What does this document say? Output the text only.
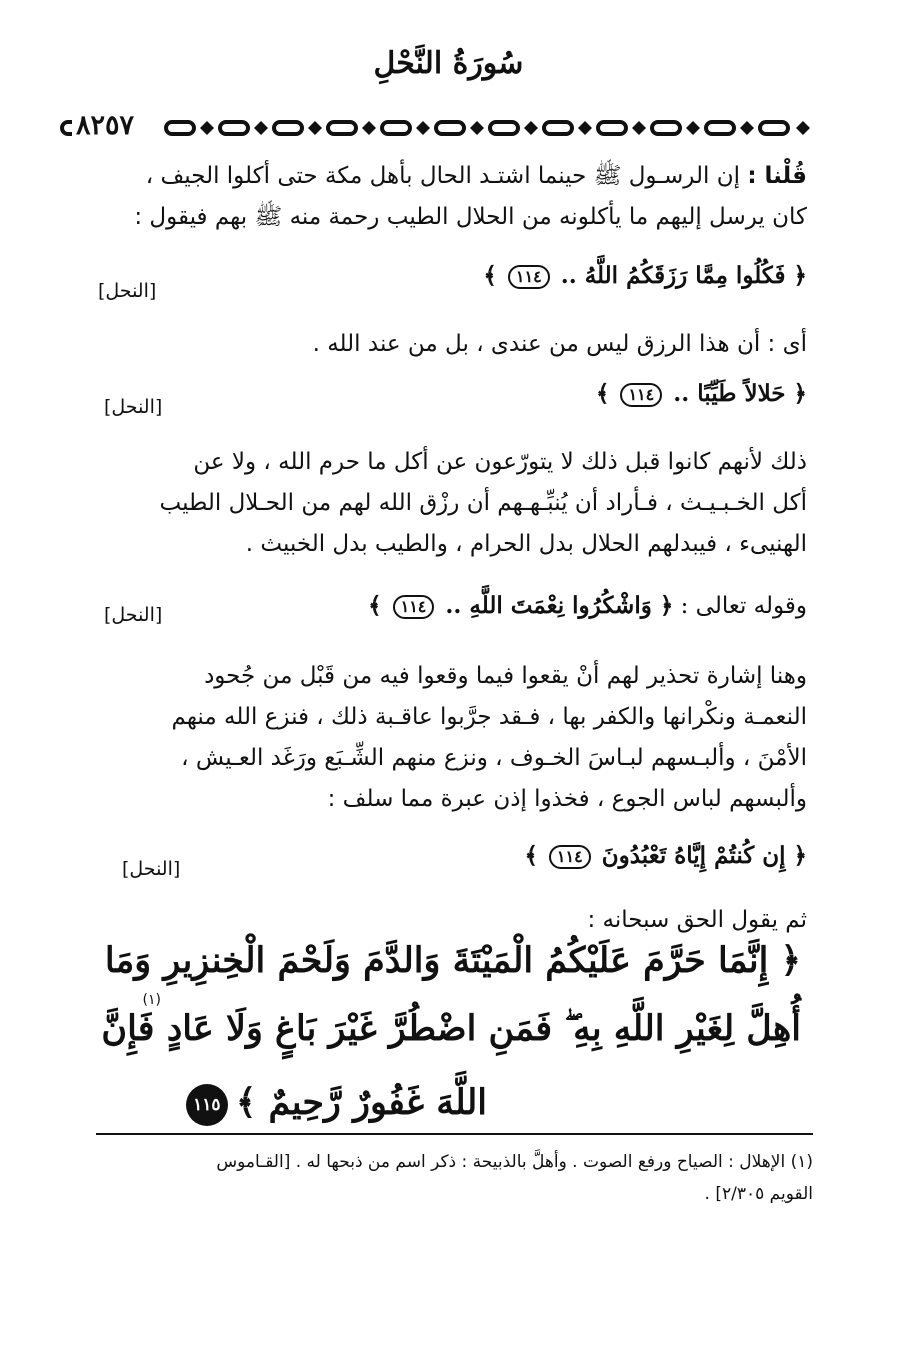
سُورَةُ النَّحْلِ
٨٢٥٧
قُلْنا : إن الرسـول ﷺ حينما اشتـد الحال بأهل مكة حتى أكلوا الجيف ،
كان يرسل إليهم ما يأكلونه من الحلال الطيب رحمة منه ﷺ بهم فيقول :
﴿ فَكُلُوا مِمَّا رَزَقَكُمُ اللَّهُ .. ١١٤ ﴾
[النحل]
أى : أن هذا الرزق ليس من عندى ، بل من عند الله .
﴿ حَلالاً طَيِّبًا .. ١١٤ ﴾
[النحل]
ذلك لأنهم كانوا قبل ذلك لا يتورّعون عن أكل ما حرم الله ، ولا عن
أكل الخـبـيـث ، فـأراد أن يُنبِّـهـهم أن رزْق الله لهم من الحـلال الطيب
الهنيىء ، فيبدلهم الحلال بدل الحرام ، والطيب بدل الخبيث .
وقوله تعالى : ﴿ وَاشْكُرُوا نِعْمَتَ اللَّهِ .. ١١٤ ﴾
[النحل]
وهنا إشارة تحذير لهم أنْ يقعوا فيما وقعوا فيه من قَبْل من جُحود
النعمـة ونكْرانها والكفر بها ، فـقد جرَّبوا عاقـبة ذلك ، فنزع الله منهم
الأمْنَ ، وألبـسهم لبـاسَ الخـوف ، ونزع منهم الشِّـبَع ورَغَد العـيش ،
وألبسهم لباس الجوع ، فخذوا إذن عبرة مما سلف :
﴿ إِن كُنتُمْ إِيَّاهُ تَعْبُدُونَ ١١٤ ﴾
[النحل]
ثم يقول الحق سبحانه :
﴿ إِنَّمَا حَرَّمَ عَلَيْكُمُ الْمَيْتَةَ وَالدَّمَ وَلَحْمَ الْخِنزِيرِ وَمَا
أُهِلَّ لِغَيْرِ اللَّهِ بِهِ ۖ فَمَنِ اضْطُرَّ غَيْرَ بَاغٍ وَلَا عَادٍ فَإِنَّ
(١)
اللَّهَ غَفُورٌ رَّحِيمٌ ﴾١١٥
(١) الإهلال : الصياح ورفع الصوت . وأهلَّ بالذبيحة : ذكر اسم من ذبحها له . [القـاموس
القويم ٢/٣٠٥] .
